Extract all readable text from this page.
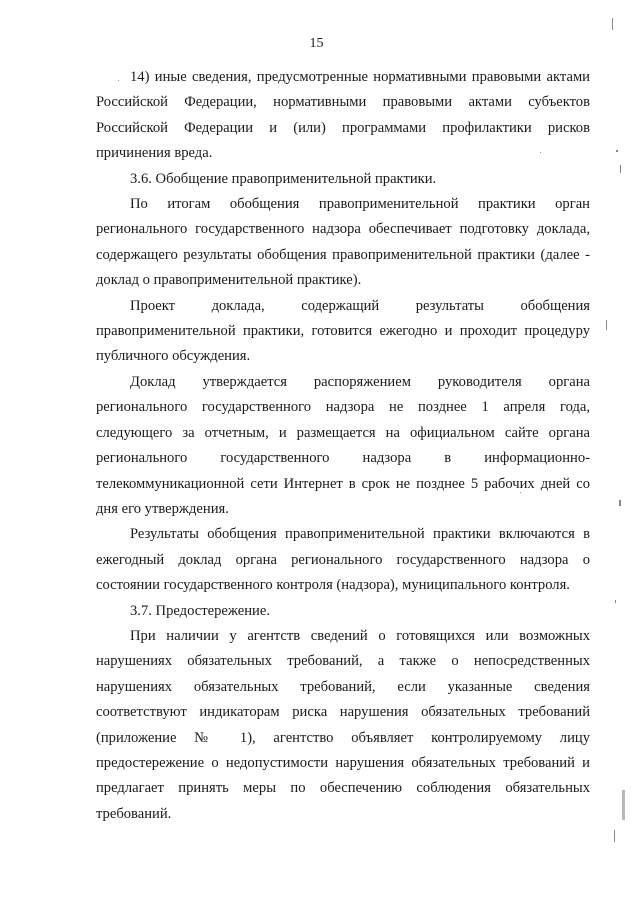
15

14) иные сведения, предусмотренные нормативными правовыми актами Российской Федерации, нормативными правовыми актами субъектов Российской Федерации и (или) программами профилактики рисков причинения вреда.

3.6. Обобщение правоприменительной практики.

По итогам обобщения правоприменительной практики орган регионального государственного надзора обеспечивает подготовку доклада, содержащего результаты обобщения правоприменительной практики (далее - доклад о правоприменительной практике).

Проект доклада, содержащий результаты обобщения правоприменительной практики, готовится ежегодно и проходит процедуру публичного обсуждения.

Доклад утверждается распоряжением руководителя органа регионального государственного надзора не позднее 1 апреля года, следующего за отчетным, и размещается на официальном сайте органа регионального государственного надзора в информационно-телекоммуникационной сети Интернет в срок не позднее 5 рабочих дней со дня его утверждения.

Результаты обобщения правоприменительной практики включаются в ежегодный доклад органа регионального государственного надзора о состоянии государственного контроля (надзора), муниципального контроля.

3.7. Предостережение.

При наличии у агентств сведений о готовящихся или возможных нарушениях обязательных требований, а также о непосредственных нарушениях обязательных требований, если указанные сведения соответствуют индикаторам риска нарушения обязательных требований (приложение № 1), агентство объявляет контролируемому лицу предостережение о недопустимости нарушения обязательных требований и предлагает принять меры по обеспечению соблюдения обязательных требований.
